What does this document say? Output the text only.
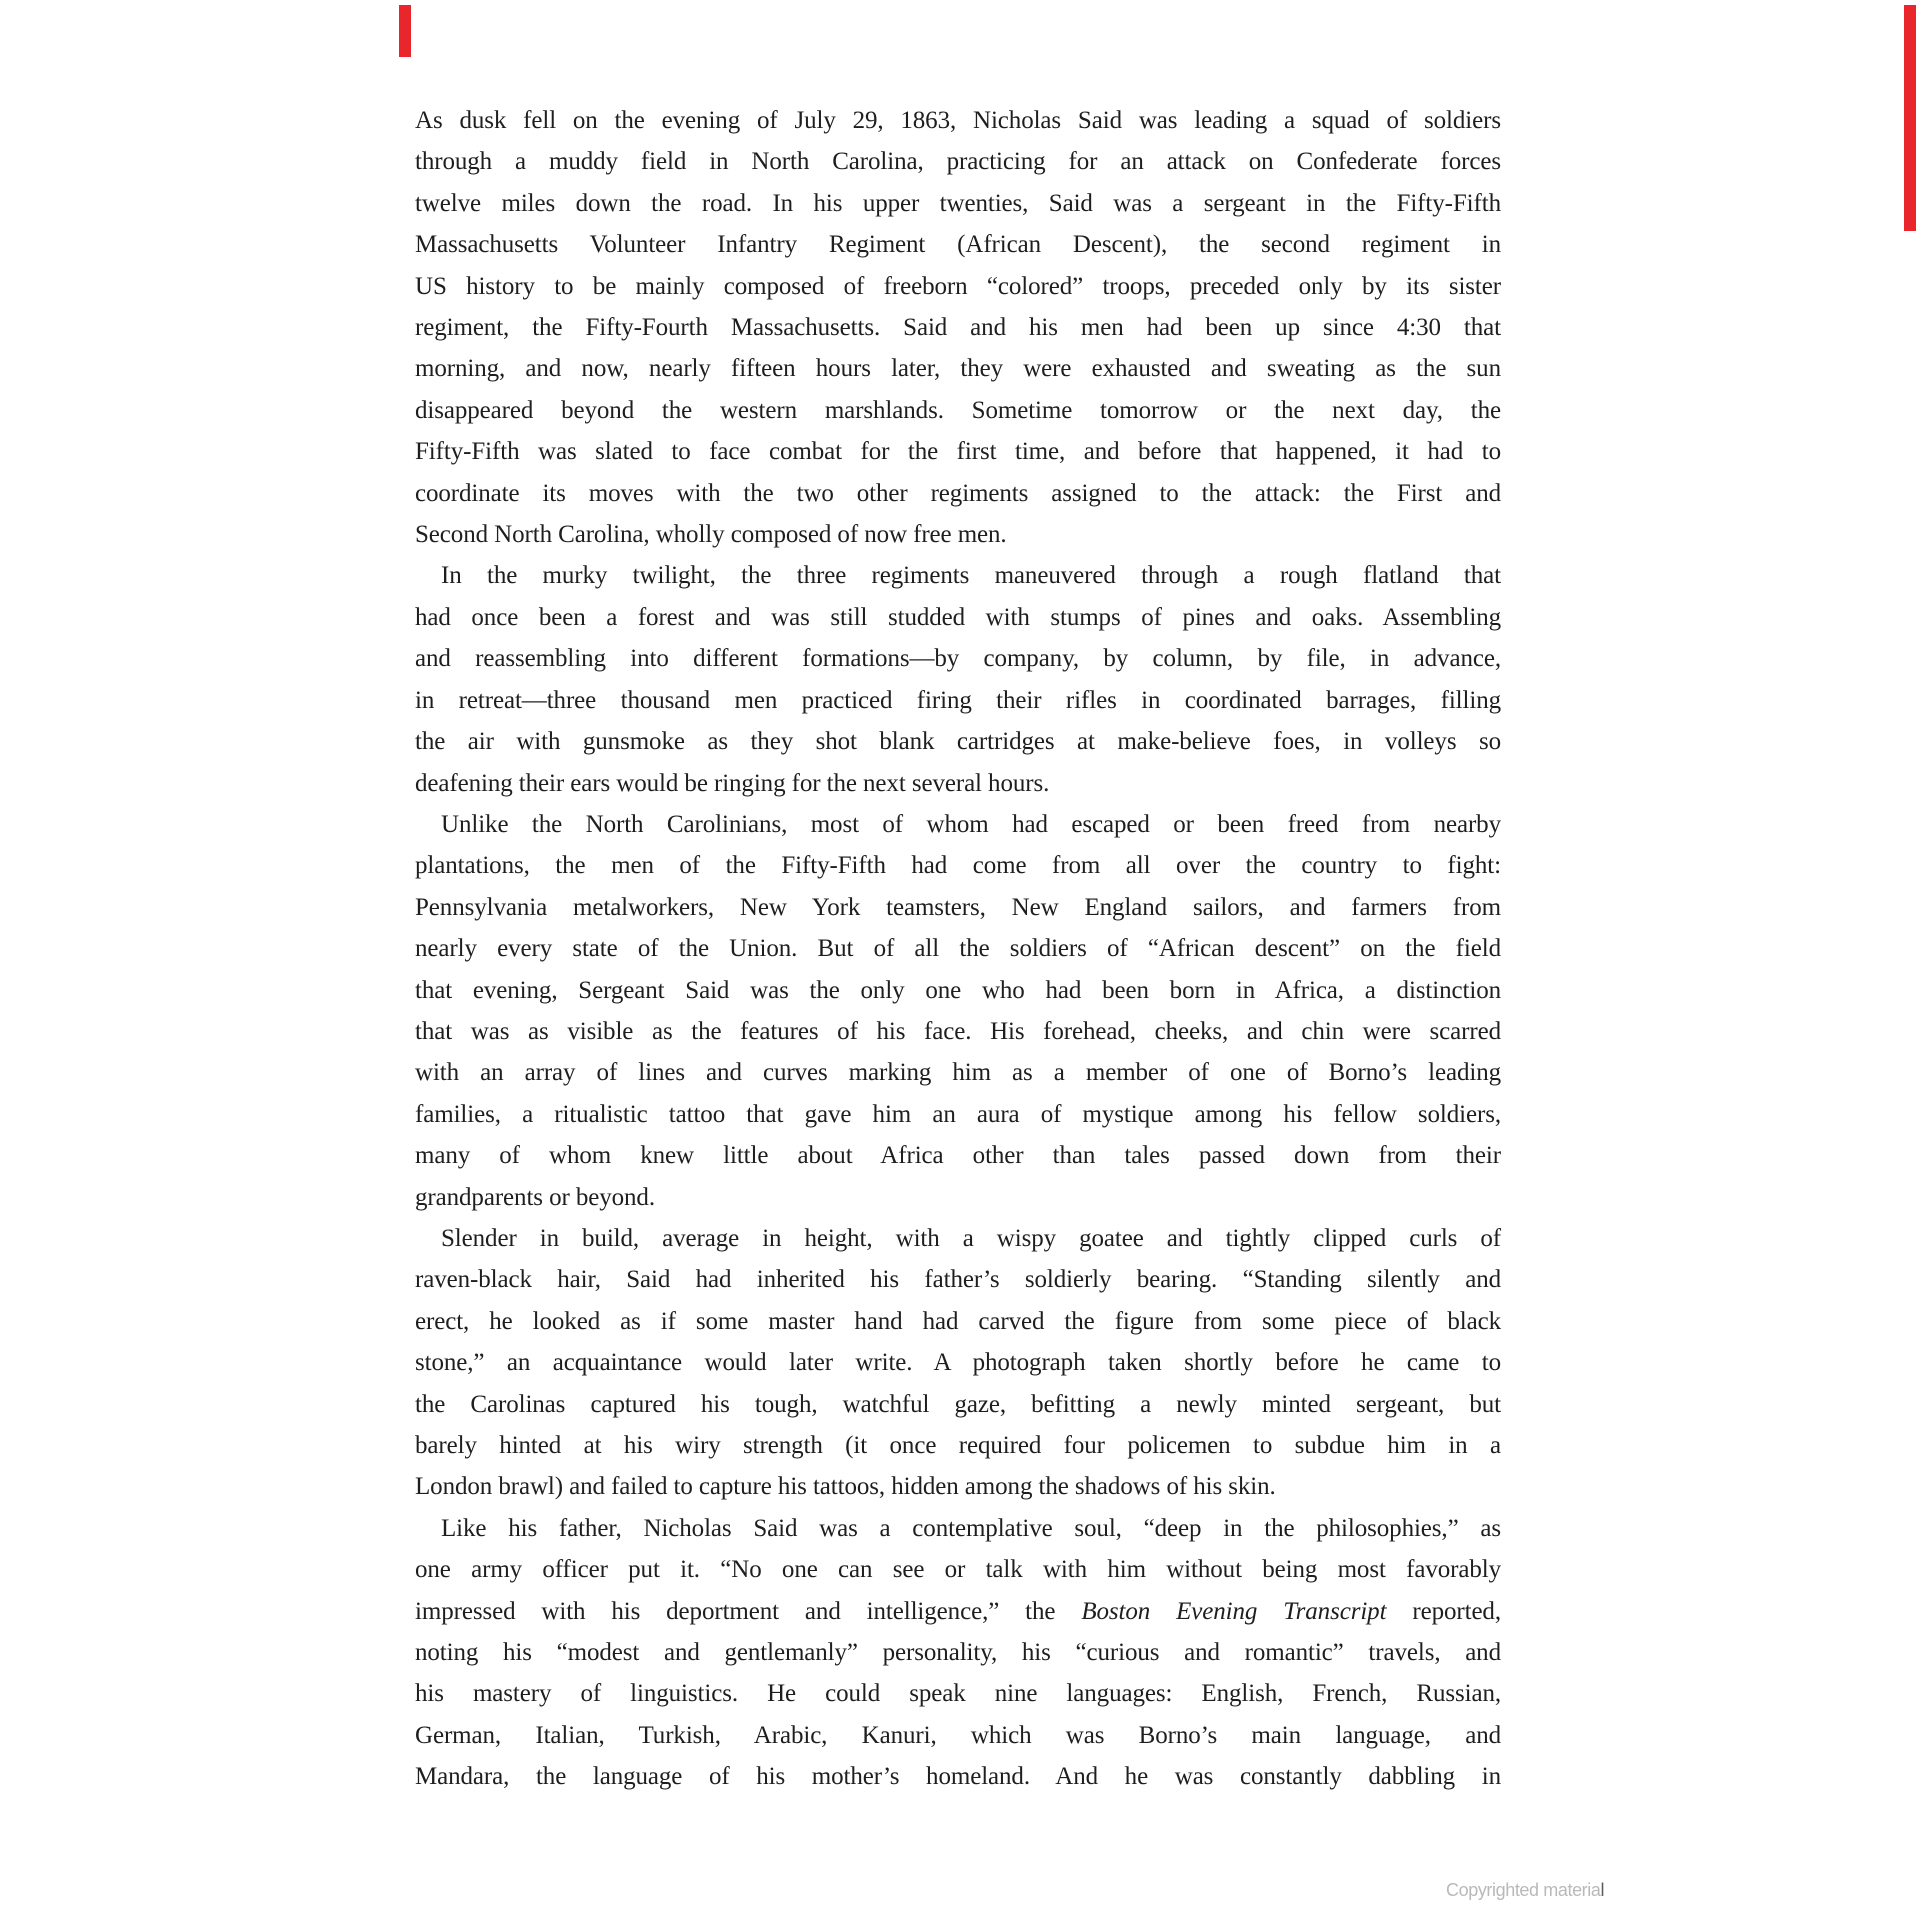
As dusk fell on the evening of July 29, 1863, Nicholas Said was leading a squad of soldiers
through a muddy field in North Carolina, practicing for an attack on Confederate forces
twelve miles down the road. In his upper twenties, Said was a sergeant in the Fifty-Fifth
Massachusetts Volunteer Infantry Regiment (African Descent), the second regiment in
US history to be mainly composed of freeborn “colored” troops, preceded only by its sister
regiment, the Fifty-Fourth Massachusetts. Said and his men had been up since 4:30 that
morning, and now, nearly fifteen hours later, they were exhausted and sweating as the sun
disappeared beyond the western marshlands. Sometime tomorrow or the next day, the
Fifty-Fifth was slated to face combat for the first time, and before that happened, it had to
coordinate its moves with the two other regiments assigned to the attack: the First and
Second North Carolina, wholly composed of now free men.
In the murky twilight, the three regiments maneuvered through a rough flatland that
had once been a forest and was still studded with stumps of pines and oaks. Assembling
and reassembling into different formations—by company, by column, by file, in advance,
in retreat—three thousand men practiced firing their rifles in coordinated barrages, filling
the air with gunsmoke as they shot blank cartridges at make-believe foes, in volleys so
deafening their ears would be ringing for the next several hours.
Unlike the North Carolinians, most of whom had escaped or been freed from nearby
plantations, the men of the Fifty-Fifth had come from all over the country to fight:
Pennsylvania metalworkers, New York teamsters, New England sailors, and farmers from
nearly every state of the Union. But of all the soldiers of “African descent” on the field
that evening, Sergeant Said was the only one who had been born in Africa, a distinction
that was as visible as the features of his face. His forehead, cheeks, and chin were scarred
with an array of lines and curves marking him as a member of one of Borno’s leading
families, a ritualistic tattoo that gave him an aura of mystique among his fellow soldiers,
many of whom knew little about Africa other than tales passed down from their
grandparents or beyond.
Slender in build, average in height, with a wispy goatee and tightly clipped curls of
raven-black hair, Said had inherited his father’s soldierly bearing. “Standing silently and
erect, he looked as if some master hand had carved the figure from some piece of black
stone,” an acquaintance would later write. A photograph taken shortly before he came to
the Carolinas captured his tough, watchful gaze, befitting a newly minted sergeant, but
barely hinted at his wiry strength (it once required four policemen to subdue him in a
London brawl) and failed to capture his tattoos, hidden among the shadows of his skin.
Like his father, Nicholas Said was a contemplative soul, “deep in the philosophies,” as
one army officer put it. “No one can see or talk with him without being most favorably
impressed with his deportment and intelligence,” the Boston Evening Transcript reported,
noting his “modest and gentlemanly” personality, his “curious and romantic” travels, and
his mastery of linguistics. He could speak nine languages: English, French, Russian,
German, Italian, Turkish, Arabic, Kanuri, which was Borno’s main language, and
Mandara, the language of his mother’s homeland. And he was constantly dabbling in
Copyrighted material
